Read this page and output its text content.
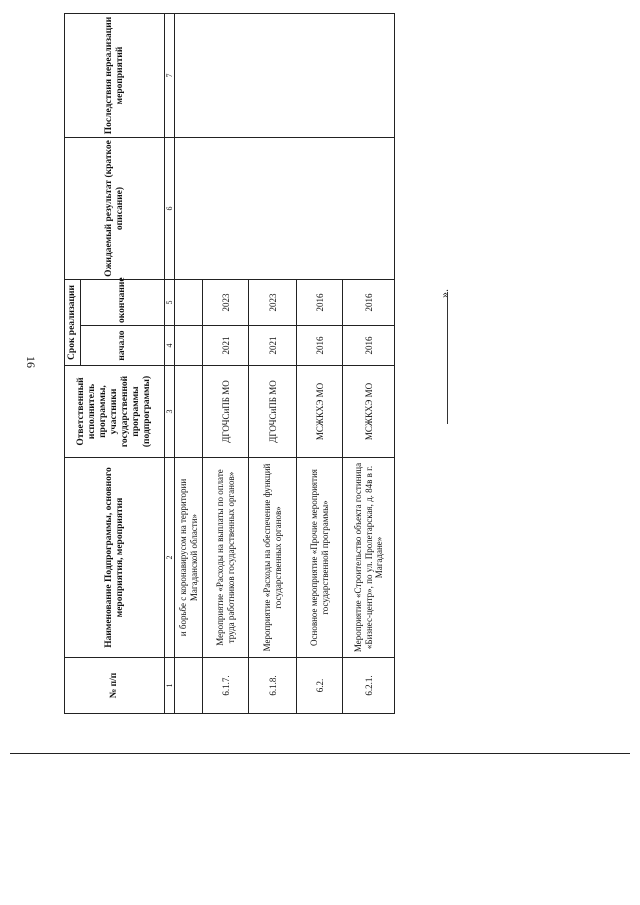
16
№ п/п	Наименование Подпрограммы, основного мероприятия, мероприятия	Ответственный исполнитель программы, участники государственной программы (подпрограммы)	Срок реализации		Ожидаемый результат (краткое описание)	Последствия нереализации мероприятий
			начало	окончание		
1	2	3	4	5	6	7
	и борьбе с коронавирусом на территории Магаданской области»					
6.1.7.	Мероприятие «Расходы на выплаты по оплате труда работников государственных органов»	ДГОЧСиПБ МО	2021	2023		
6.1.8.	Мероприятие «Расходы на обеспечение функций государственных органов»	ДГОЧСиПБ МО	2021	2023		
6.2.	Основное мероприятие «Прочие мероприятия государственной программы»	МСЖКХЭ МО	2016	2016		
6.2.1.	Мероприятие «Строительство объекта гостиница «Бизнес-центр», по ул. Пролетарская, д. 84в в г. Магадане»	МСЖКХЭ МО	2016	2016			».
